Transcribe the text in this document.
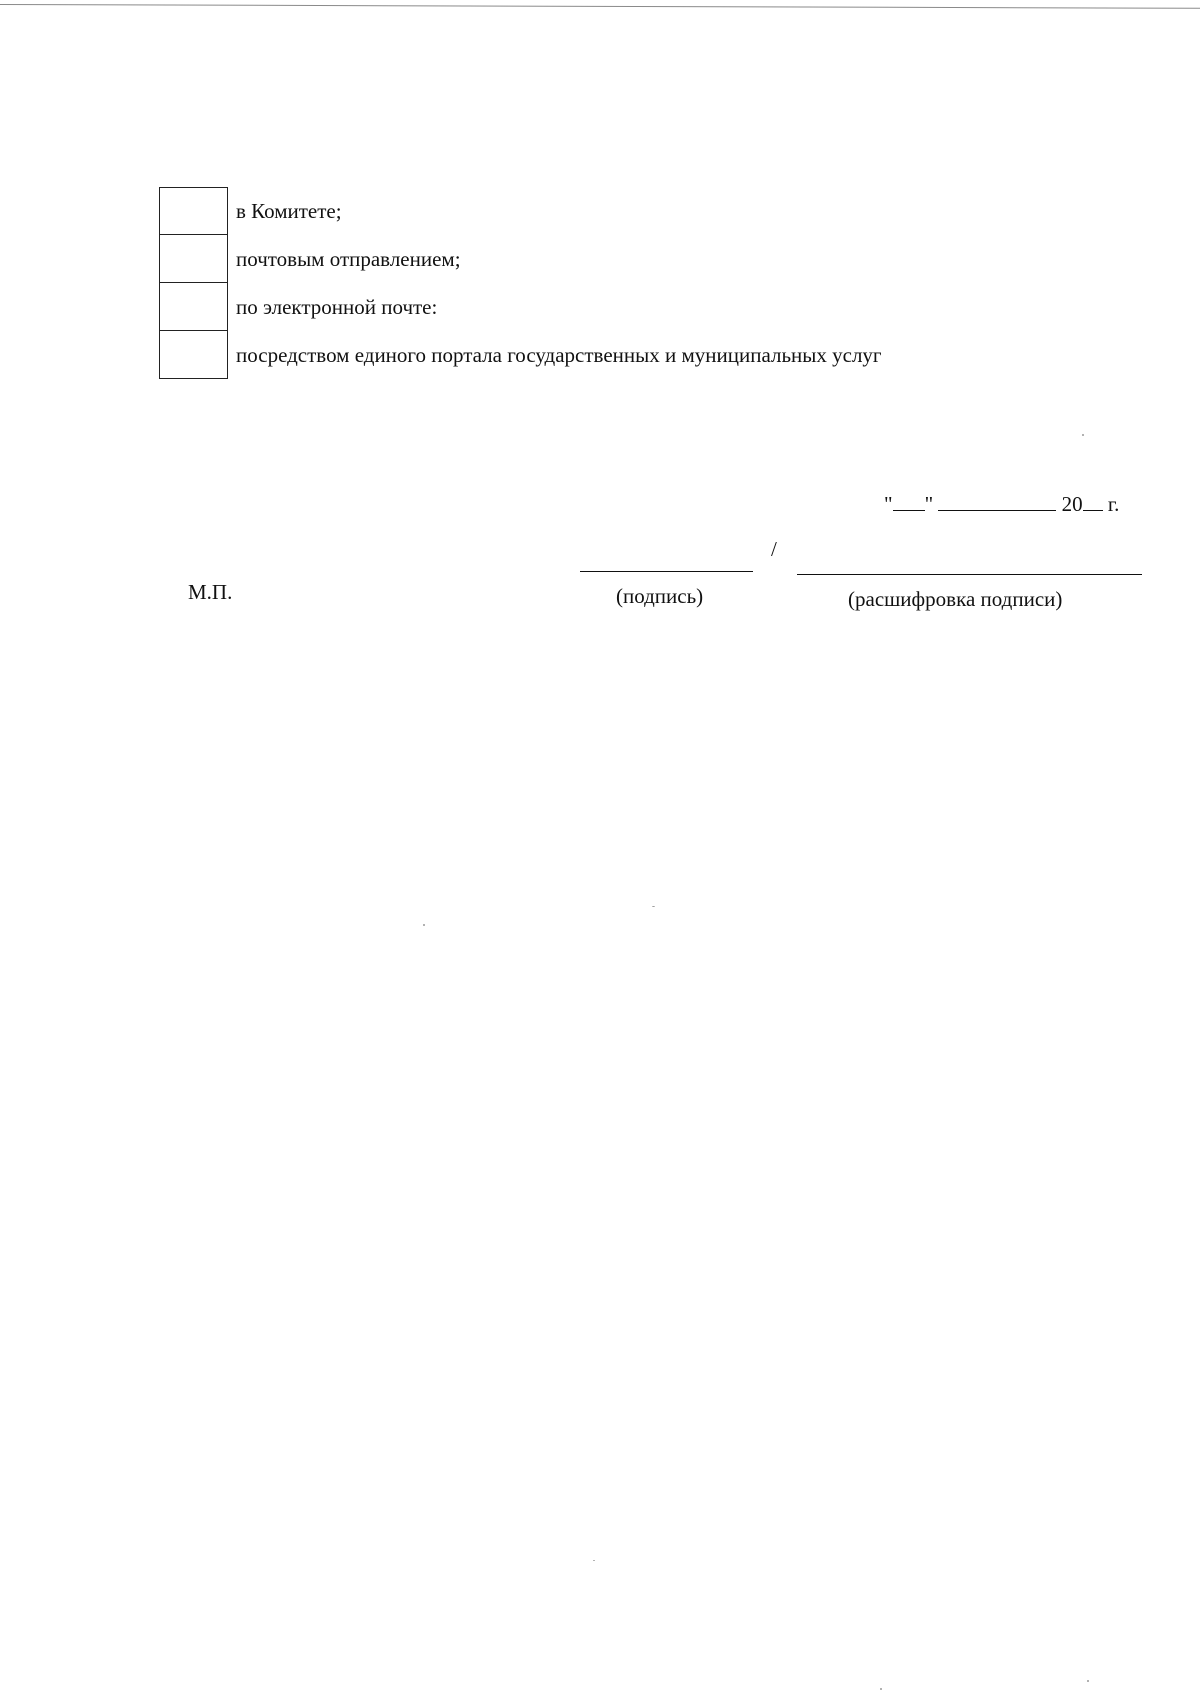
в Комитете;
почтовым отправлением;
по электронной почте:
посредством единого портала государственных и муниципальных услуг
" "	20 г.
М.П.
/
(подпись)	(расшифровка подписи)
